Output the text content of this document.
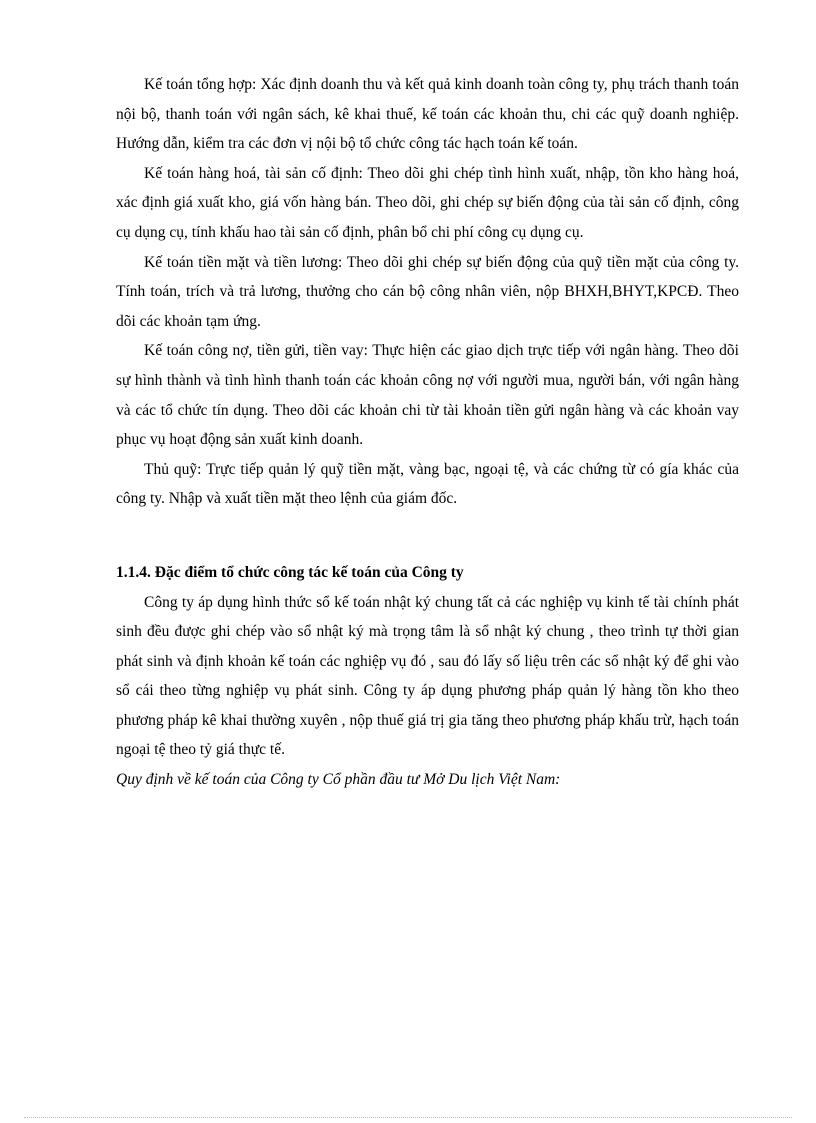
Kế toán tổng hợp: Xác định doanh thu và kết quả kinh doanh toàn công ty, phụ trách thanh toán nội bộ, thanh toán với ngân sách, kê khai thuế, kế toán các khoản thu, chi các quỹ doanh nghiệp. Hướng dẫn, kiểm tra các đơn vị nội bộ tổ chức công tác hạch toán kế toán.

Kế toán hàng hoá, tài sản cố định: Theo dõi ghi chép tình hình xuất, nhập, tồn kho hàng hoá, xác định giá xuất kho, giá vốn hàng bán. Theo dõi, ghi chép sự biến động của tài sản cố định, công cụ dụng cụ, tính khấu hao tài sản cố định, phân bổ chi phí công cụ dụng cụ.

Kế toán tiền mặt và tiền lương: Theo dõi ghi chép sự biến động của quỹ tiền mặt của công ty. Tính toán, trích và trả lương, thưởng cho cán bộ công nhân viên, nộp BHXH,BHYT,KPCĐ. Theo dõi các khoản tạm ứng.

Kế toán công nợ, tiền gửi, tiền vay: Thực hiện các giao dịch trực tiếp với ngân hàng. Theo dõi sự hình thành và tình hình thanh toán các khoản công nợ với người mua, người bán, với ngân hàng và các tổ chức tín dụng. Theo dõi các khoản chi từ tài khoản tiền gửi ngân hàng và các khoản vay phục vụ hoạt động sản xuất kinh doanh.

Thủ quỹ: Trực tiếp quản lý quỹ tiền mặt, vàng bạc, ngoại tệ, và các chứng từ có gía khác của công ty. Nhập và xuất tiền mặt theo lệnh của giám đốc.

1.1.4. Đặc điểm tổ chức công tác kế toán của Công ty

Công ty áp dụng hình thức sổ kế toán nhật ký chung tất cả các nghiệp vụ kinh tế tài chính phát sinh đều được ghi chép vào sổ nhật ký mà trọng tâm là sổ nhật ký chung , theo trình tự thời gian phát sinh và định khoản kế toán các nghiệp vụ đó , sau đó lấy số liệu trên các sổ nhật ký để ghi vào sổ cái theo từng nghiệp vụ phát sinh. Công ty áp dụng phương pháp quản lý hàng tồn kho theo phương pháp kê khai thường xuyên , nộp thuế giá trị gia tăng theo phương pháp khấu trừ, hạch toán ngoại tệ theo tỷ giá thực tế.

Quy định về kế toán của Công ty Cổ phần đầu tư Mở Du lịch Việt Nam:
